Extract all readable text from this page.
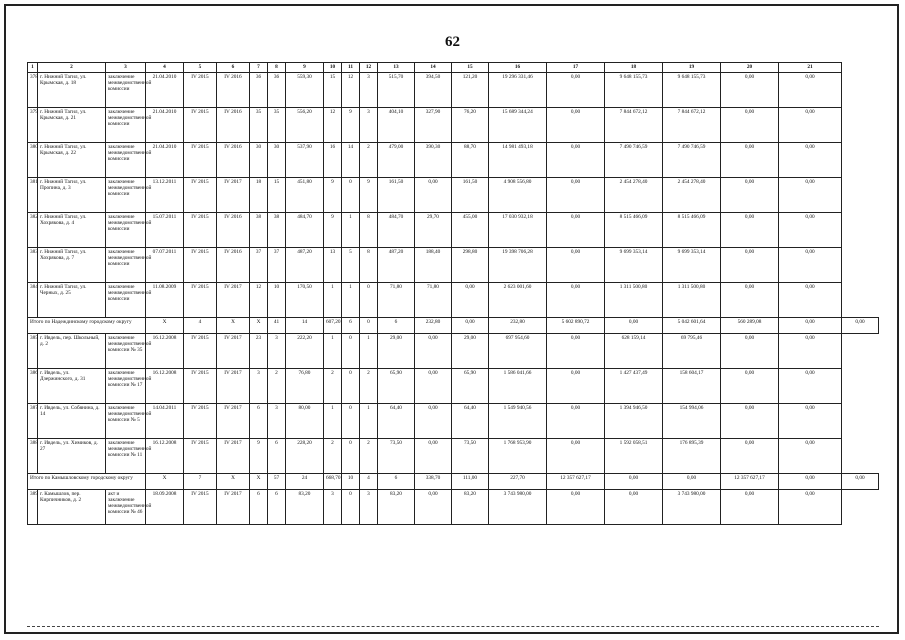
62
1	2	3	4	5	6	7	8	9	10	11	12	13	14	15	16	17	18	19	20	21	
378	г. Нижний Тагил, ул. Крымская, д. 18	заключение межведомственной комиссии	21.04.2010	IV 2015	IV 2016	36	36	559,30	15	12	3	515,70	394,50	121,20	19 296 331,46	0,00	9 648 155,73	9 648 155,73	0,00	0,00	
379	г. Нижний Тагил, ул. Крымская, д. 21	заключение межведомственной комиссии	21.04.2010	IV 2015	IV 2016	35	35	556,20	12	9	3	404,10	327,90	76,20	15 689 344,24	0,00	7 844 672,12	7 844 672,12	0,00	0,00	
380	г. Нижний Тагил, ул. Крымская, д. 22	заключение межведомственной комиссии	21.04.2010	IV 2015	IV 2016	30	30	537,90	16	14	2	479,00	390,30	88,70	14 981 493,18	0,00	7 490 746,59	7 490 746,59	0,00	0,00	
381	г. Нижний Тагил, ул. Пропина, д. 3	заключение межведомственной комиссии	13.12.2011	IV 2015	IV 2017	18	15	451,80	9	0	9	161,50	0,00	161,50	4 908 556,80	0,00	2 454 278,40	2 454 278,40	0,00	0,00	
382	г. Нижний Тагил, ул. Хохрякова, д. 4	заключение межведомственной комиссии	15.07.2011	IV 2015	IV 2016	38	38	484,70	9	1	8	484,70	29,70	455,00	17 030 932,18	0,00	8 515 466,09	8 515 466,09	0,00	0,00	
383	г. Нижний Тагил, ул. Хохрякова, д. 7	заключение межведомственной комиссии	07.07.2011	IV 2015	IV 2016	37	37	487,20	13	5	8	487,20	188,40	298,80	19 398 706,28	0,00	9 699 353,14	9 699 353,14	0,00	0,00	
384	г. Нижний Тагил, ул. Черных, д. 25	заключение межведомственной комиссии	11.08.2009	IV 2015	IV 2017	12	10	170,50	1	1	0	71,80	71,80	0,00	2 623 001,60	0,00	1 311 500,80	1 311 500,80	0,00	0,00	
Итого по Надеждинскому городскому округу			X	4	X	X	41	14	607,20	6	0	6	232,80	0,00	232,80	5 602 890,72	0,00	5 042 601,64	560 289,08	0,00	0,00
385	г. Ивдель, пер. Школьный, д. 2	заключение межведомственной комиссии № 35	16.12.2008	IV 2015	IV 2017	23	3	222,20	1	0	1	29,00	0,00	29,00	697 954,60	0,00	628 159,14	69 795,46	0,00	0,00	
386	г. Ивдель, ул. Дзержинского, д. 31	заключение межведомственной комиссии № 17	16.12.2008	IV 2015	IV 2017	3	2	76,80	2	0	2	65,90	0,00	65,90	1 586 041,66	0,00	1 427 437,49	158 604,17	0,00	0,00	
387	г. Ивдель, ул. Собянина, д. 14	заключение межведомственной комиссии № 5	14.04.2011	IV 2015	IV 2017	6	3	80,00	1	0	1	64,40	0,00	64,40	1 549 940,56	0,00	1 394 946,50	154 994,06	0,00	0,00	
388	г. Ивдель, ул. Химиков, д. 27	заключение межведомственной комиссии № 11	16.12.2008	IV 2015	IV 2017	9	6	228,20	2	0	2	73,50	0,00	73,50	1 768 953,90	0,00	1 592 058,51	176 895,39	0,00	0,00	
Итого по Камышловскому городскому округу			X	7	X	X	57	24	668,70	10	4	6	338,70	111,00	227,70	12 357 627,17	0,00	0,00	12 357 627,17	0,00	0,00
389	г. Камышлов, пер. Кирпичников, д. 2	акт и заключение межведомственной комиссии № 46	18.09.2008	IV 2015	IV 2017	6	6	83,20	3	0	3	83,20	0,00	83,20	3 743 980,00	0,00	0,00	3 743 980,00	0,00	0,00	
